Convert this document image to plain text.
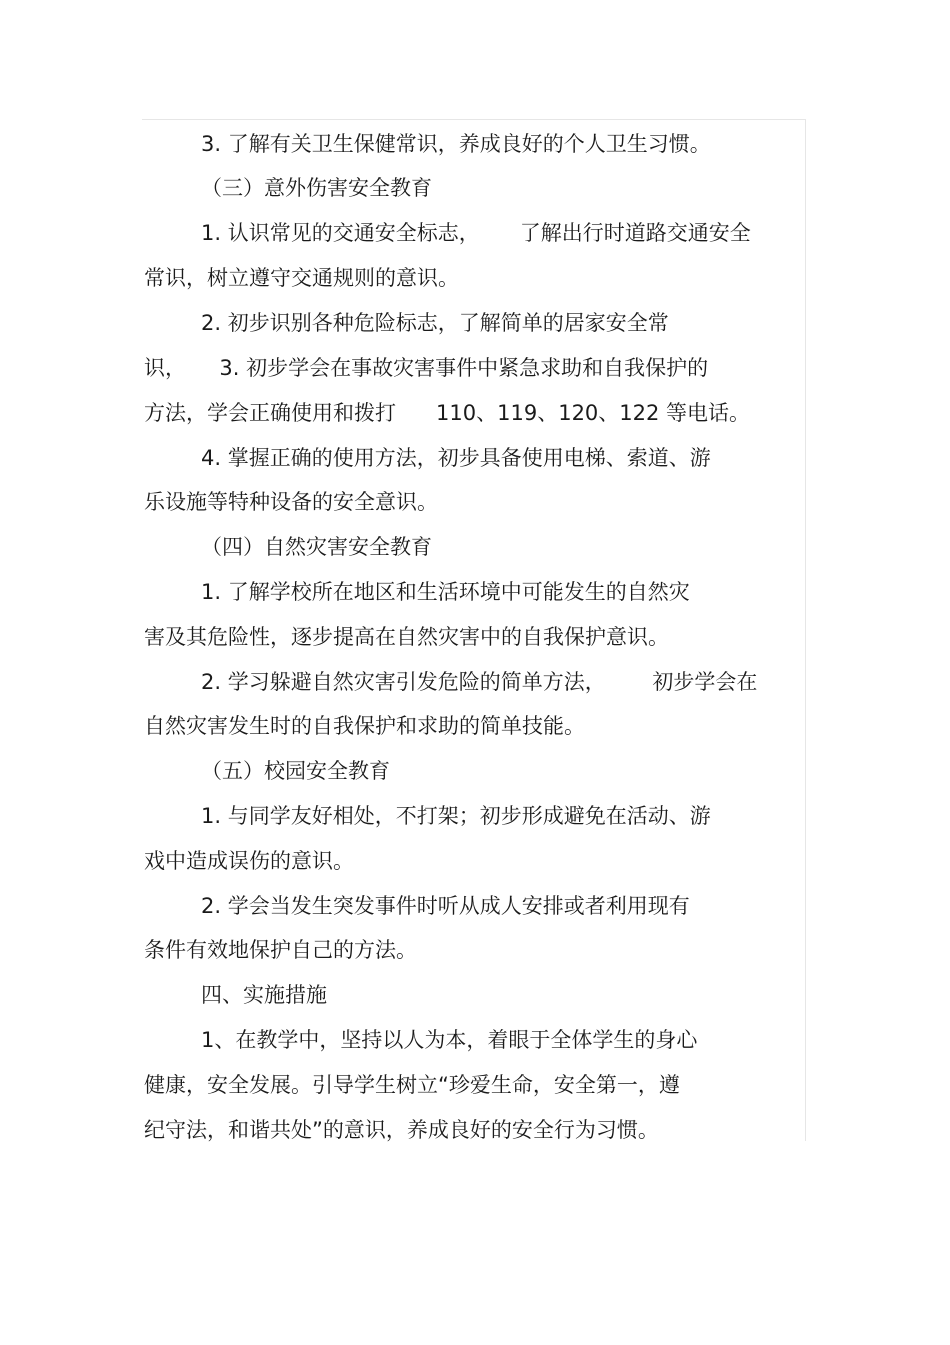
3. 了解有关卫生保健常识，养成良好的个人卫生习惯。
（三）意外伤害安全教育
1. 认识常见的交通安全标志，      了解出行时道路交通安全
常识，树立遵守交通规则的意识。
2. 初步识别各种危险标志，了解简单的居家安全常
识，     3. 初步学会在事故灾害事件中紧急求助和自我保护的
方法，学会正确使用和拨打      110、119、120、122 等电话。
4. 掌握正确的使用方法，初步具备使用电梯、索道、游
乐设施等特种设备的安全意识。
（四）自然灾害安全教育
1. 了解学校所在地区和生活环境中可能发生的自然灾
害及其危险性，逐步提高在自然灾害中的自我保护意识。
2. 学习躲避自然灾害引发危险的简单方法，       初步学会在
自然灾害发生时的自我保护和求助的简单技能。
（五）校园安全教育
1. 与同学友好相处，不打架；初步形成避免在活动、游
戏中造成误伤的意识。
2. 学会当发生突发事件时听从成人安排或者利用现有
条件有效地保护自己的方法。
四、实施措施
1、在教学中，坚持以人为本，着眼于全体学生的身心
健康，安全发展。引导学生树立“珍爱生命，安全第一，遵
纪守法，和谐共处”的意识，养成良好的安全行为习惯。
